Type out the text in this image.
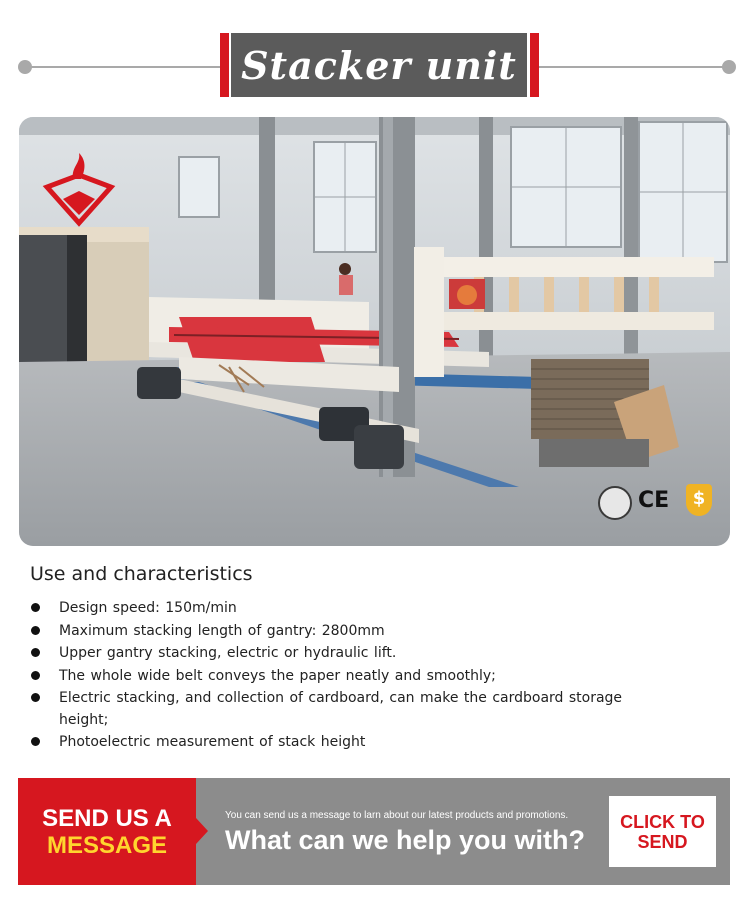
Stacker unit
CE	$
Use and characteristics
Design speed: 150m/min
Maximum stacking length of gantry: 2800mm
Upper gantry stacking, electric or hydraulic lift.
The whole wide belt conveys the paper neatly and smoothly;
Electric stacking, and collection of cardboard, can make the cardboard storage height;
Photoelectric measurement of stack height
SEND US A
MESSAGE
You can send us a message to larn about our latest products and promotions.
What can we help you with?
CLICK TO
SEND
